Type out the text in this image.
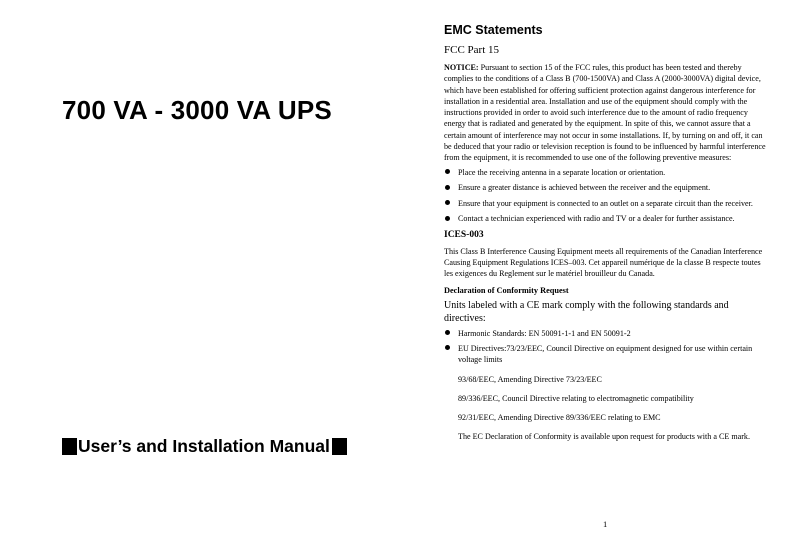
700 VA - 3000 VA UPS
User’s and Installation Manual
EMC Statements
FCC Part 15

NOTICE: Pursuant to section 15 of the FCC rules, this product has been tested and thereby complies to the conditions of a Class B (700-1500VA) and Class A (2000-3000VA) digital device, which have been established for offering sufficient protection against dangerous interference for installation in a residential area. Installation and use of the equipment should comply with the instructions provided in order to avoid such interference due to the amount of radio frequency energy that is radiated and generated by the equipment. In spite of this, we cannot assure that a certain amount of interference may not occur in some installations. If, by turning on and off, it can be deduced that your radio or television reception is found to be influenced by harmful interference from the equipment, it is recommended to use one of the following preventive measures:

Place the receiving antenna in a separate location or orientation.
Ensure a greater distance is achieved between the receiver and the equipment.
Ensure that your equipment is connected to an outlet on a separate circuit than the receiver.
Contact a technician experienced with radio and TV or a dealer for further assistance.
ICES-003

This Class B Interference Causing Equipment meets all requirements of the Canadian Interference Causing Equipment Regulations ICES–003. Cet appareil numérique de la classe B respecte toutes les exigences du Reglement sur le matériel brouilleur du Canada.

Declaration of Conformity Request
Units labeled with a CE mark comply with the following standards and directives:
Harmonic Standards: EN 50091-1-1 and EN 50091-2
EU Directives:73/23/EEC, Council Directive on equipment designed for use within certain voltage limits

93/68/EEC, Amending Directive 73/23/EEC

89/336/EEC, Council Directive relating to electromagnetic compatibility

92/31/EEC, Amending Directive 89/336/EEC relating to EMC

The EC Declaration of Conformity is available upon request for products with a CE mark.

1
